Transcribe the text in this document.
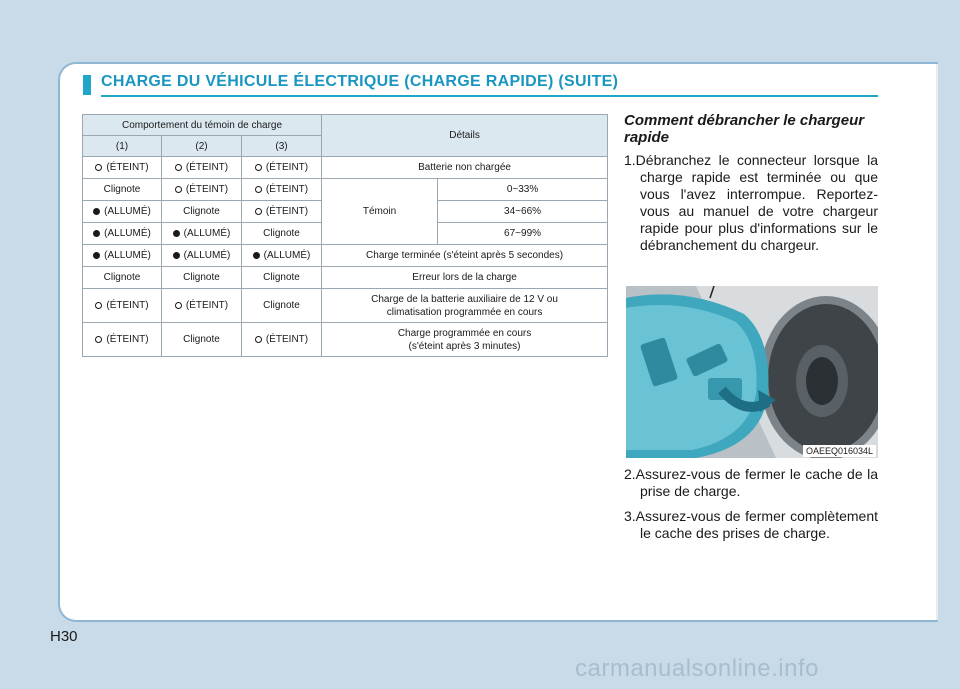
CHARGE DU VÉHICULE ÉLECTRIQUE (CHARGE RAPIDE) (SUITE)
Comportement du témoin de charge			Détails	
(1)	(2)	(3)		
(ÉTEINT)	(ÉTEINT)	(ÉTEINT)	Batterie non chargée	
Clignote	(ÉTEINT)	(ÉTEINT)	Témoin	0~33%
(ALLUMÉ)	Clignote	(ÉTEINT)		34~66%
(ALLUMÉ)	(ALLUMÉ)	Clignote		67~99%
(ALLUMÉ)	(ALLUMÉ)	(ALLUMÉ)	Charge terminée (s'éteint après 5 secondes)	
Clignote	Clignote	Clignote	Erreur lors de la charge	
(ÉTEINT)	(ÉTEINT)	Clignote	Charge de la batterie auxiliaire de 12 V ou
climatisation programmée en cours	
(ÉTEINT)	Clignote	(ÉTEINT)	Charge programmée en cours
(s'éteint après 3 minutes)	

Comment débrancher le chargeur rapide

1.Débranchez le connecteur lorsque la charge rapide est terminée ou que vous l'avez interrompue. Reportez-vous au manuel de votre chargeur rapide pour plus d'informations sur le débranchement du chargeur.

OAEEQ016034L

2.Assurez-vous de fermer le cache de la prise de charge.

3.Assurez-vous de fermer complètement le cache des prises de charge.

H30
carmanualsonline.info
